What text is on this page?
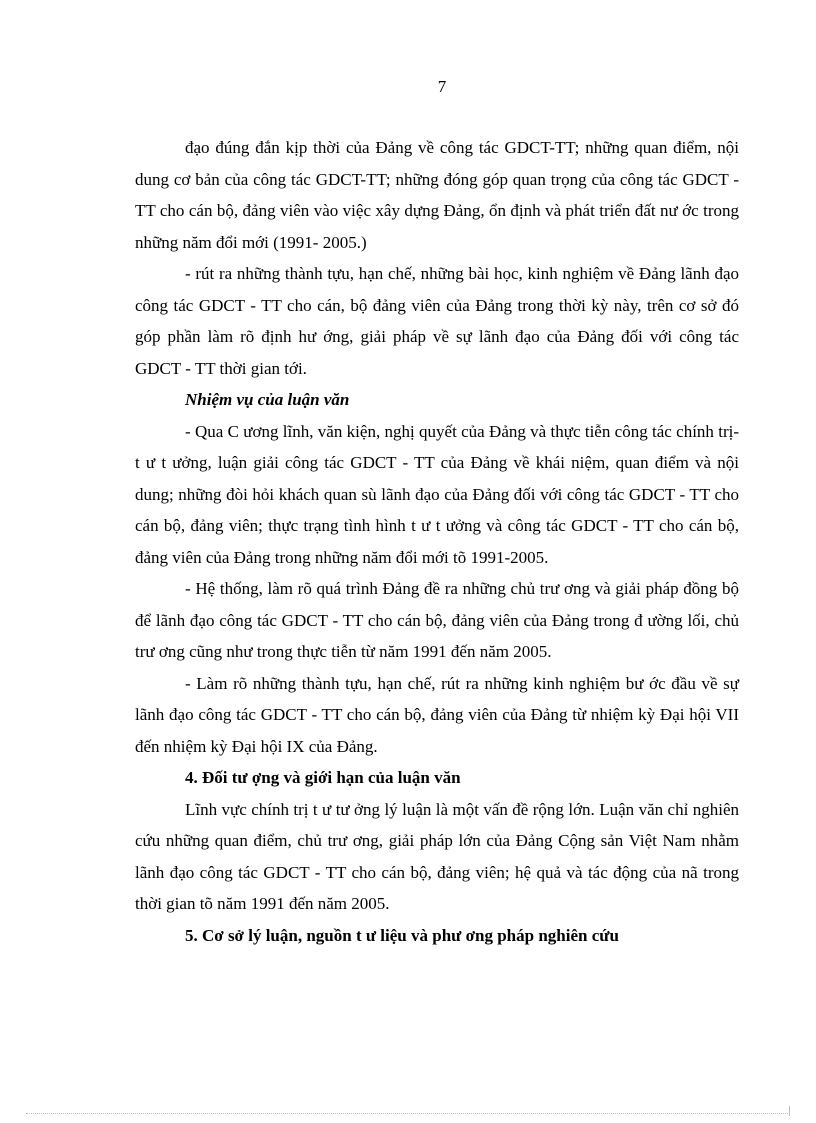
7

đạo đúng đắn kịp thời của Đảng về công tác GDCT-TT; những quan điểm, nội dung cơ bản của công tác GDCT-TT; những đóng góp quan trọng của công tác GDCT - TT cho cán bộ, đảng viên vào việc xây dựng Đảng, ổn định và phát triển đất nư ớc trong những năm đổi mới (1991- 2005.)

- rút ra những thành tựu, hạn chế, những bài học, kinh nghiệm về Đảng lãnh đạo công tác GDCT - TT cho cán, bộ đảng viên của Đảng trong thời kỳ này, trên cơ sở đó góp phần làm rõ định hư ớng, giải pháp về sự lãnh đạo của Đảng đối với công tác GDCT - TT thời gian tới.

Nhiệm vụ của luận văn

- Qua C ương lĩnh, văn kiện, nghị quyết của Đảng và thực tiễn công tác chính trị- t ư t ưởng, luận giải công tác GDCT - TT của Đảng về khái niệm, quan điểm và nội dung; những đòi hỏi khách quan sù lãnh đạo của Đảng đối với công tác GDCT - TT cho cán bộ, đảng viên; thực trạng tình hình t ư t ưởng và công tác GDCT - TT cho cán bộ, đảng viên của Đảng trong những năm đổi mới tõ 1991-2005.

- Hệ thống, làm rõ quá trình Đảng đề ra những chủ trư ơng và giải pháp đồng bộ để lãnh đạo công tác GDCT - TT cho cán bộ, đảng viên của Đảng trong đ ường lối, chủ trư ơng cũng như trong thực tiễn từ năm 1991 đến năm 2005.

- Làm rõ những thành tựu, hạn chế, rút ra những kinh nghiệm bư ớc đầu về sự lãnh đạo công tác GDCT - TT cho cán bộ, đảng viên của Đảng từ nhiệm kỳ Đại hội VII đến nhiệm kỳ Đại hội IX của Đảng.

4. Đối tư ợng và giới hạn của luận văn

Lĩnh vực chính trị t ư tư ởng lý luận là một vấn đề rộng lớn. Luận văn chỉ nghiên cứu những quan điểm, chủ trư ơng, giải pháp lớn của Đảng Cộng sản Việt Nam nhằm lãnh đạo công tác GDCT - TT cho cán bộ, đảng viên; hệ quả và tác động của nã trong thời gian tõ năm 1991 đến năm 2005.

5. Cơ sở lý luận, nguồn t ư liệu và phư ơng pháp nghiên cứu
